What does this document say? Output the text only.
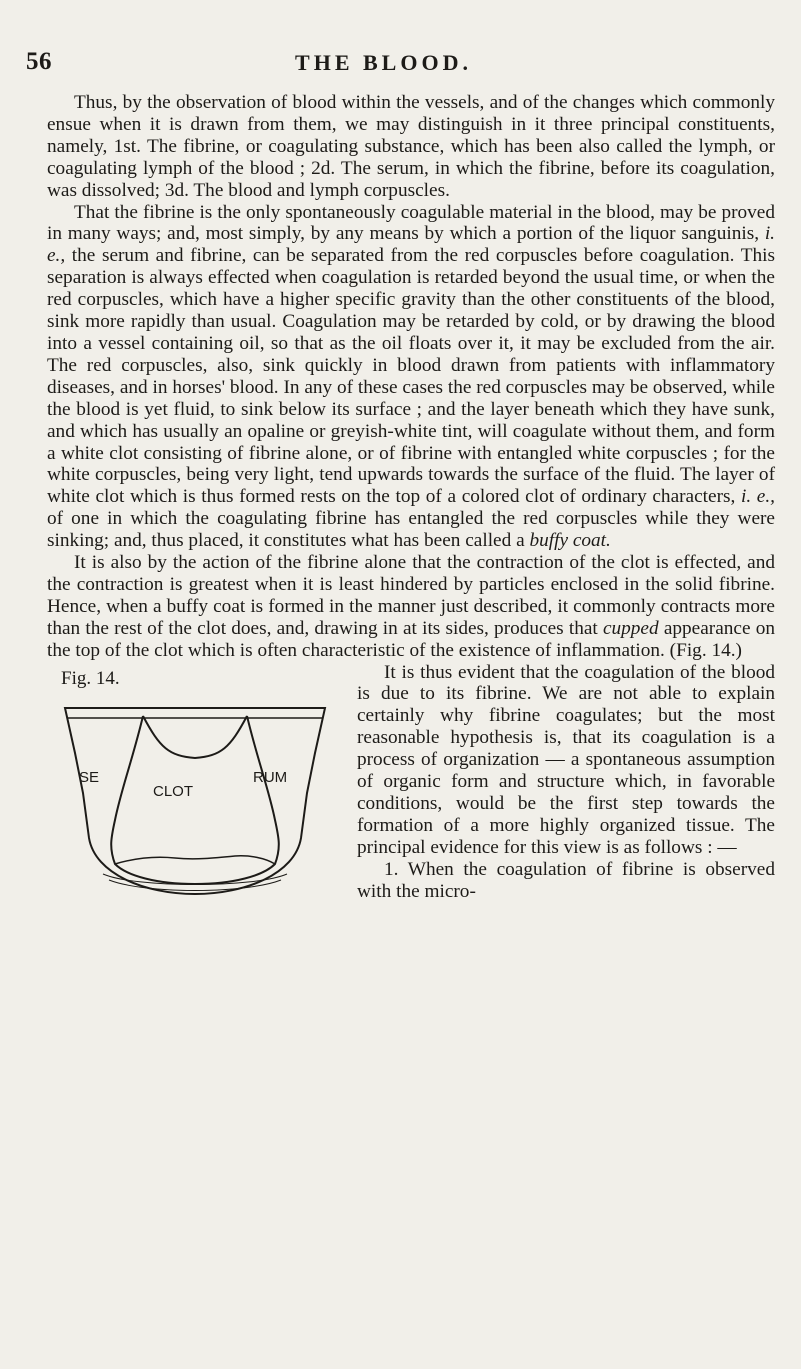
56	THE BLOOD.

Thus, by the observation of blood within the vessels, and of the changes which commonly ensue when it is drawn from them, we may distinguish in it three principal constituents, namely, 1st. The fibrine, or coagulating substance, which has been also called the lymph, or coagulating lymph of the blood ; 2d. The serum, in which the fibrine, before its coagulation, was dissolved; 3d. The blood and lymph corpuscles.

That the fibrine is the only spontaneously coagulable material in the blood, may be proved in many ways; and, most simply, by any means by which a portion of the liquor sanguinis, i. e., the serum and fibrine, can be separated from the red corpuscles before coagulation. This separation is always effected when coagulation is retarded beyond the usual time, or when the red corpuscles, which have a higher specific gravity than the other constituents of the blood, sink more rapidly than usual. Coagulation may be retarded by cold, or by drawing the blood into a vessel containing oil, so that as the oil floats over it, it may be excluded from the air. The red corpuscles, also, sink quickly in blood drawn from patients with inflammatory diseases, and in horses' blood. In any of these cases the red corpuscles may be observed, while the blood is yet fluid, to sink below its surface ; and the layer beneath which they have sunk, and which has usually an opaline or greyish-white tint, will coagulate without them, and form a white clot consisting of fibrine alone, or of fibrine with entangled white corpuscles ; for the white corpuscles, being very light, tend upwards towards the surface of the fluid. The layer of white clot which is thus formed rests on the top of a colored clot of ordinary characters, i. e., of one in which the coagulating fibrine has entangled the red corpuscles while they were sinking; and, thus placed, it constitutes what has been called a buffy coat.

It is also by the action of the fibrine alone that the contraction of the clot is effected, and the contraction is greatest when it is least hindered by particles enclosed in the solid fibrine. Hence, when a buffy coat is formed in the manner just described, it commonly contracts more than the rest of the clot does, and, drawing in at its sides, produces that cupped appearance on the top of the clot which is often characteristic of the existence of inflammation. (Fig. 14.)

Fig. 14.
SE	RUM
CLOT

It is thus evident that the coagulation of the blood is due to its fibrine. We are not able to explain certainly why fibrine coagulates; but the most reasonable hypothesis is, that its coagulation is a process of organization — a spontaneous assumption of organic form and structure which, in favorable conditions, would be the first step towards the formation of a more highly organized tissue. The principal evidence for this view is as follows : —

1. When the coagulation of fibrine is observed with the micro-
